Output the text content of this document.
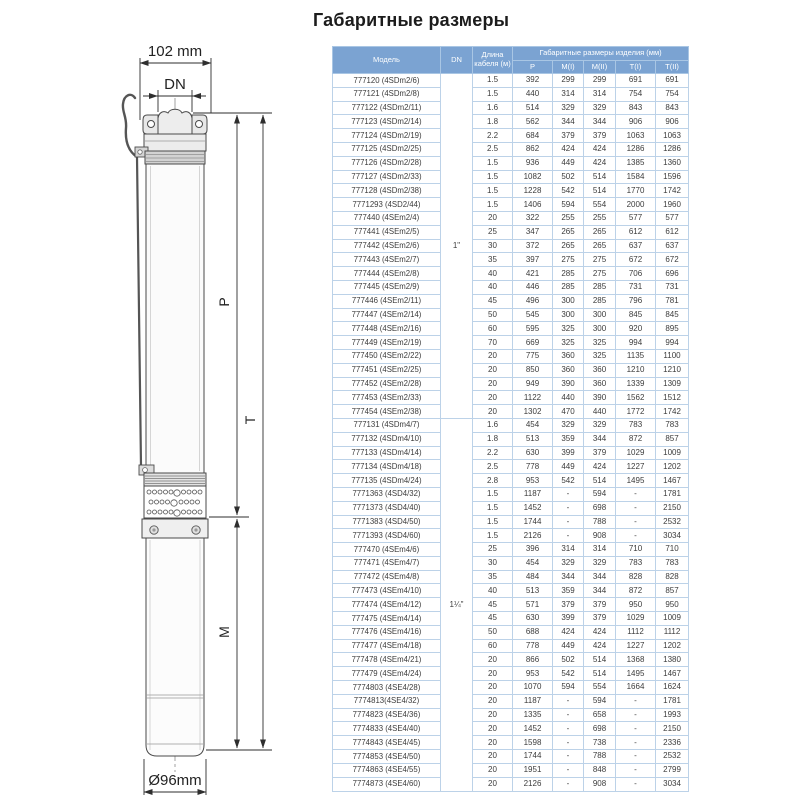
102 mm
DN
P
M
T
Ø96mm
Габаритные размеры
Модель	DN	Длина кабеля (м)	Габаритные размеры изделия (мм)				
			P	M(I)	M(II)	T(I)	T(II)
777120 (4SDm2/6)	1"	1.5	392	299	299	691	691
777121 (4SDm2/8)		1.5	440	314	314	754	754
777122 (4SDm2/11)		1.6	514	329	329	843	843
777123 (4SDm2/14)		1.8	562	344	344	906	906
777124 (4SDm2/19)		2.2	684	379	379	1063	1063
777125 (4SDm2/25)		2.5	862	424	424	1286	1286
777126 (4SDm2/28)		1.5	936	449	424	1385	1360
777127 (4SDm2/33)		1.5	1082	502	514	1584	1596
777128 (4SDm2/38)		1.5	1228	542	514	1770	1742
7771293 (4SD2/44)		1.5	1406	594	554	2000	1960
777440 (4SEm2/4)		20	322	255	255	577	577
777441 (4SEm2/5)		25	347	265	265	612	612
777442 (4SEm2/6)		30	372	265	265	637	637
777443 (4SEm2/7)		35	397	275	275	672	672
777444 (4SEm2/8)		40	421	285	275	706	696
777445 (4SEm2/9)		40	446	285	285	731	731
777446 (4SEm2/11)		45	496	300	285	796	781
777447 (4SEm2/14)		50	545	300	300	845	845
777448 (4SEm2/16)		60	595	325	300	920	895
777449 (4SEm2/19)		70	669	325	325	994	994
777450 (4SEm2/22)		20	775	360	325	1135	1100
777451 (4SEm2/25)		20	850	360	360	1210	1210
777452 (4SEm2/28)		20	949	390	360	1339	1309
777453 (4SEm2/33)		20	1122	440	390	1562	1512
777454 (4SEm2/38)		20	1302	470	440	1772	1742
777131 (4SDm4/7)	1¼"	1.6	454	329	329	783	783
777132 (4SDm4/10)		1.8	513	359	344	872	857
777133 (4SDm4/14)		2.2	630	399	379	1029	1009
777134 (4SDm4/18)		2.5	778	449	424	1227	1202
777135 (4SDm4/24)		2.8	953	542	514	1495	1467
7771363 (4SD4/32)		1.5	1187	-	594	-	1781
7771373 (4SD4/40)		1.5	1452	-	698	-	2150
7771383 (4SD4/50)		1.5	1744	-	788	-	2532
7771393 (4SD4/60)		1.5	2126	-	908	-	3034
777470 (4SEm4/6)		25	396	314	314	710	710
777471 (4SEm4/7)		30	454	329	329	783	783
777472 (4SEm4/8)		35	484	344	344	828	828
777473 (4SEm4/10)		40	513	359	344	872	857
777474 (4SEm4/12)		45	571	379	379	950	950
777475 (4SEm4/14)		45	630	399	379	1029	1009
777476 (4SEm4/16)		50	688	424	424	1112	1112
777477 (4SEm4/18)		60	778	449	424	1227	1202
777478 (4SEm4/21)		20	866	502	514	1368	1380
777479 (4SEm4/24)		20	953	542	514	1495	1467
7774803 (4SE4/28)		20	1070	594	554	1664	1624
7774813(4SE4/32)		20	1187	-	594	-	1781
7774823 (4SE4/36)		20	1335	-	658	-	1993
7774833 (4SE4/40)		20	1452	-	698	-	2150
7774843 (4SE4/45)		20	1598	-	738	-	2336
7774853 (4SE4/50)		20	1744	-	788	-	2532
7774863 (4SE4/55)		20	1951	-	848	-	2799
7774873 (4SE4/60)		20	2126	-	908	-	3034
